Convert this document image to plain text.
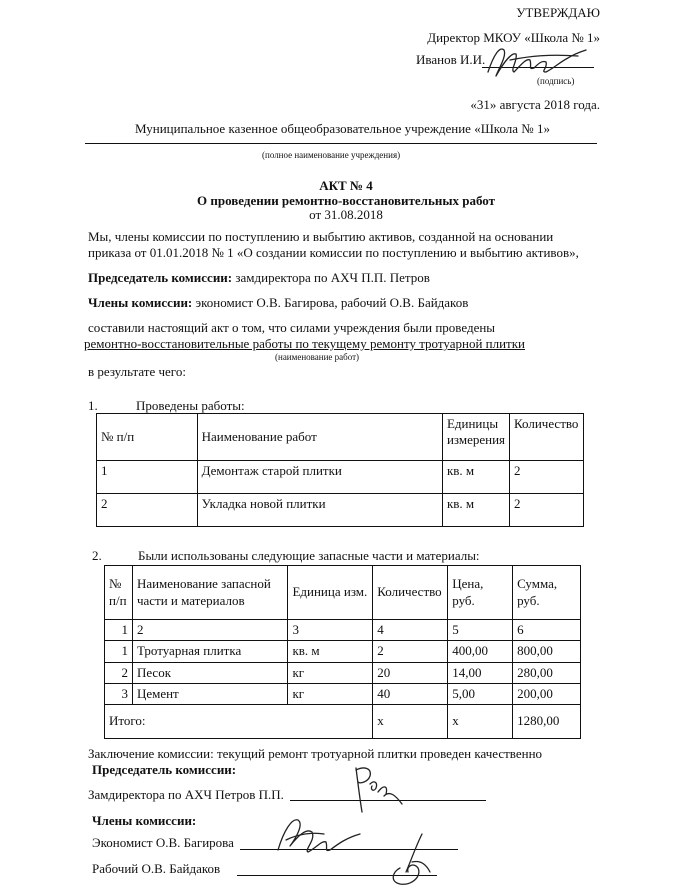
УТВЕРЖДАЮ
Директор МКОУ «Школа № 1»
Иванов И.И.
(подпись)
«31» августа 2018 года.
Муниципальное казенное общеобразовательное учреждение «Школа № 1»
(полное наименование учреждения)
АКТ № 4
О проведении ремонтно-восстановительных работ
от 31.08.2018
Мы, члены комиссии по поступлению и выбытию активов, созданной на основании
приказа от 01.01.2018 № 1 «О создании комиссии по поступлению и выбытию активов»,
Председатель комиссии: замдиректора по АХЧ П.П. Петров
Члены комиссии: экономист О.В. Багирова, рабочий О.В. Байдаков
составили настоящий акт о том, что силами учреждения были проведены
ремонтно-восстановительные работы по текущему ремонту тротуарной плитки
(наименование работ)
в результате чего:
1.	Проведены работы:
№ п/п	Наименование работ	Единицы измерения	Количество
1	Демонтаж старой плитки	кв. м	2
2	Укладка новой плитки	кв. м	2
2.	Были использованы следующие запасные части и материалы:
№ п/п	Наименование запасной части и материалов	Единица изм.	Количество	Цена, руб.	Сумма, руб.
1	2	3	4	5	6
1	Тротуарная плитка	кв. м	2	400,00	800,00
2	Песок	кг	20	14,00	280,00
3	Цемент	кг	40	5,00	200,00
Итого:			х	х	1280,00
Заключение комиссии: текущий ремонт тротуарной плитки проведен качественно
Председатель комиссии:
Замдиректора по АХЧ Петров П.П.
Члены комиссии:
Экономист О.В. Багирова
Рабочий О.В. Байдаков
